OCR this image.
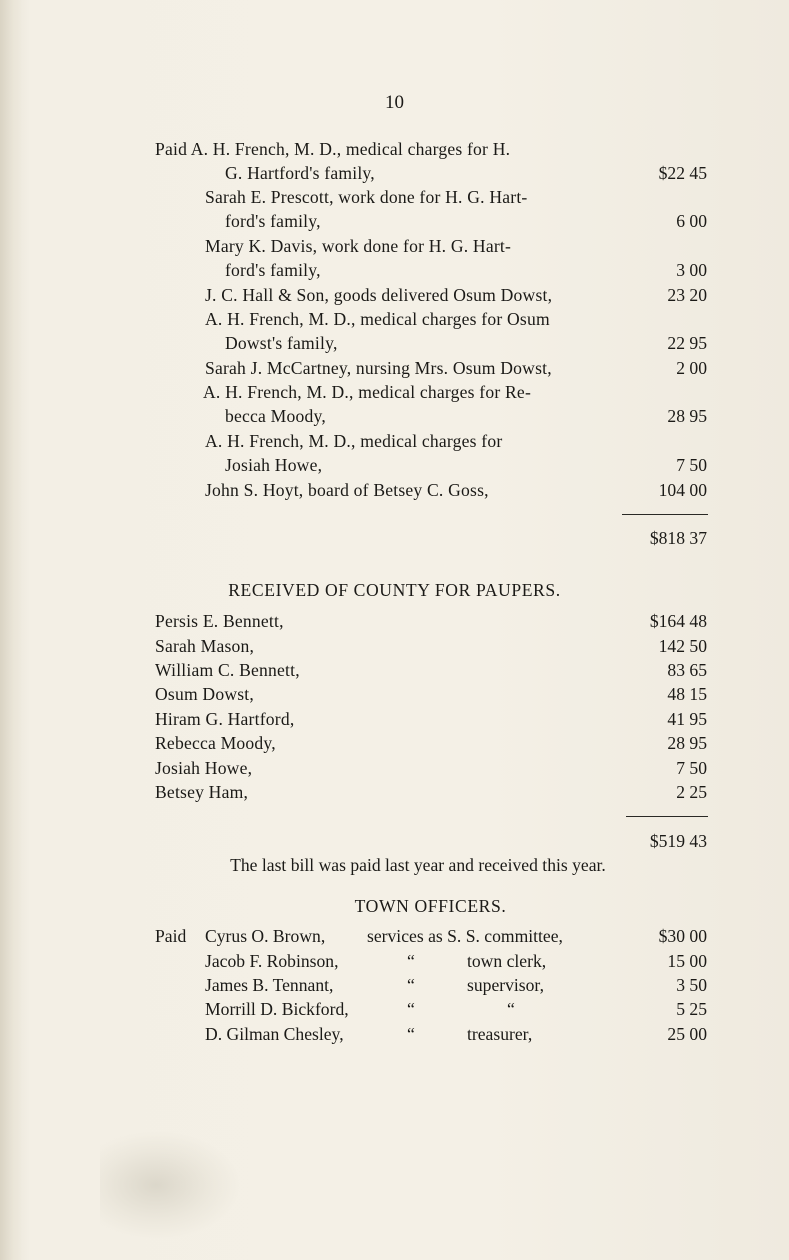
10
Paid A. H. French, M. D., medical charges for H.
G. Hartford's family,	$22 45
Sarah E. Prescott, work done for H. G. Hart-
ford's family,	6 00
Mary K. Davis, work done for H. G. Hart-
ford's family,	3 00
J. C. Hall & Son, goods delivered Osum Dowst,	23 20
A. H. French, M. D., medical charges for Osum
Dowst's family,	22 95
Sarah J. McCartney, nursing Mrs. Osum Dowst,	2 00
A. H. French, M. D., medical charges for Re-
becca Moody,	28 95
A. H. French, M. D., medical charges for
Josiah Howe,	7 50
John S. Hoyt, board of Betsey C. Goss,	104 00
$818 37
RECEIVED OF COUNTY FOR PAUPERS.
Persis E. Bennett,	$164 48
Sarah Mason,	142 50
William C. Bennett,	83 65
Osum Dowst,	48 15
Hiram G. Hartford,	41 95
Rebecca Moody,	28 95
Josiah Howe,	7 50
Betsey Ham,	2 25
$519 43
The last bill was paid last year and received this year.
TOWN OFFICERS.
Paid Cyrus O. Brown, services as S. S. committee,	$30 00
Jacob F. Robinson,	“	town clerk,	15 00
James B. Tennant,	“	supervisor,	3 50
Morrill D. Bickford,	“	“	5 25
D. Gilman Chesley,	“	treasurer,	25 00
